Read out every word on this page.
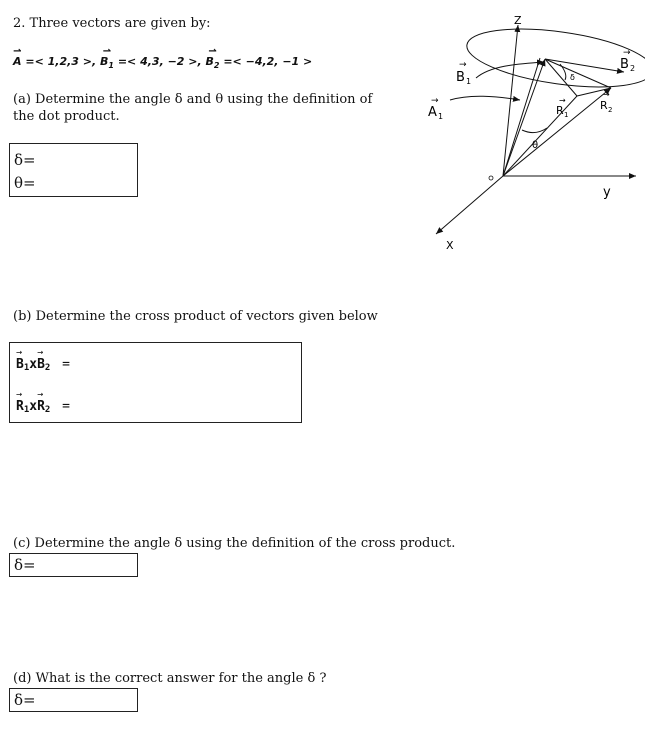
2. Three vectors are given by:
⇀
A =< 1,2,3 >,
⇀
$B_1 =< 4,3$, −2 >,
⇀
$B_2 =< -4,2$, −1 >
(a) Determine the angle δ and θ using the definition of the dot product.
δ=
θ=
(b) Determine the cross product of vectors given below
→
$B_1x$
→
$B_2$ =
→
$R_1x$
→
$R_2$ =
(c) Determine the angle δ using the definition of the cross product.
δ=
(d) What is the correct answer for the angle δ ?
δ=
Z
y
X
→
B 1
→
B 2
→
A 1
→
R 1
→
R 2
θ
δ
